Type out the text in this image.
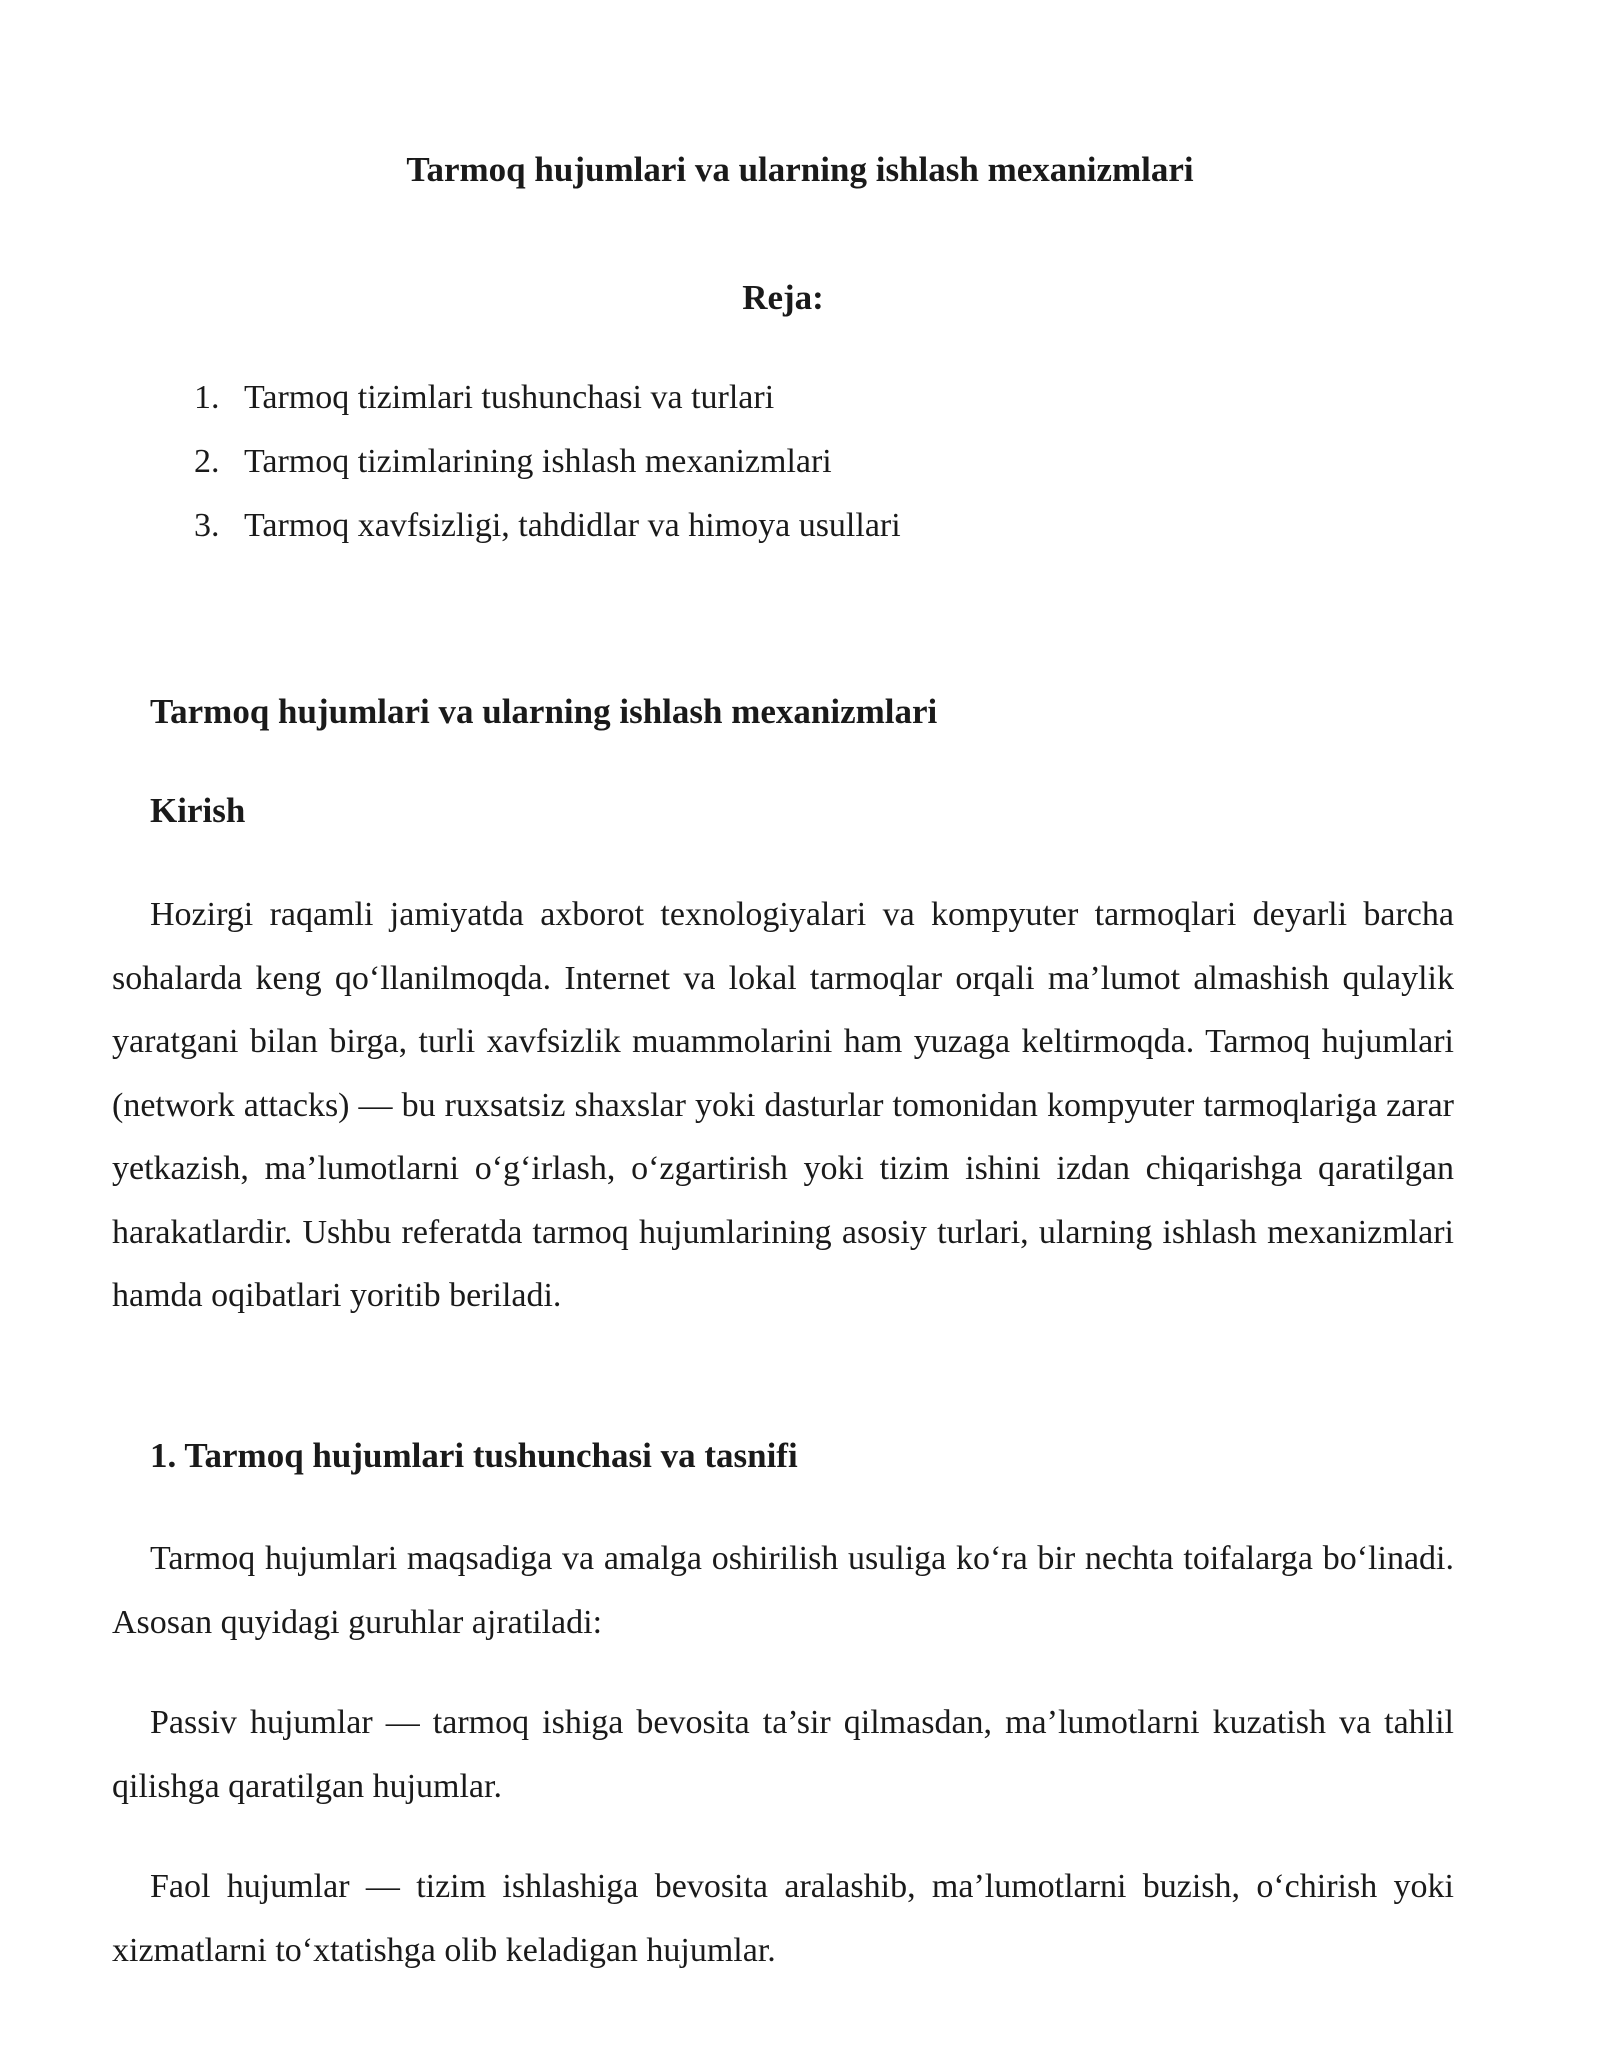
Tarmoq hujumlari va ularning ishlash mexanizmlari
Reja:
1. Tarmoq tizimlari tushunchasi va turlari
2. Tarmoq tizimlarining ishlash mexanizmlari
3. Tarmoq xavfsizligi, tahdidlar va himoya usullari
Tarmoq hujumlari va ularning ishlash mexanizmlari
Kirish

Hozirgi raqamli jamiyatda axborot texnologiyalari va kompyuter tarmoqlari deyarli barcha sohalarda keng qo‘llanilmoqda. Internet va lokal tarmoqlar orqali ma’lumot almashish qulaylik yaratgani bilan birga, turli xavfsizlik muammolarini ham yuzaga keltirmoqda. Tarmoq hujumlari (network attacks) — bu ruxsatsiz shaxslar yoki dasturlar tomonidan kompyuter tarmoqlariga zarar yetkazish, ma’lumotlarni o‘g‘irlash, o‘zgartirish yoki tizim ishini izdan chiqarishga qaratilgan harakatlardir. Ushbu referatda tarmoq hujumlarining asosiy turlari, ularning ishlash mexanizmlari hamda oqibatlari yoritib beriladi.

1. Tarmoq hujumlari tushunchasi va tasnifi

Tarmoq hujumlari maqsadiga va amalga oshirilish usuliga ko‘ra bir nechta toifalarga bo‘linadi. Asosan quyidagi guruhlar ajratiladi:

Passiv hujumlar — tarmoq ishiga bevosita ta’sir qilmasdan, ma’lumotlarni kuzatish va tahlil qilishga qaratilgan hujumlar.

Faol hujumlar — tizim ishlashiga bevosita aralashib, ma’lumotlarni buzish, o‘chirish yoki xizmatlarni to‘xtatishga olib keladigan hujumlar.
